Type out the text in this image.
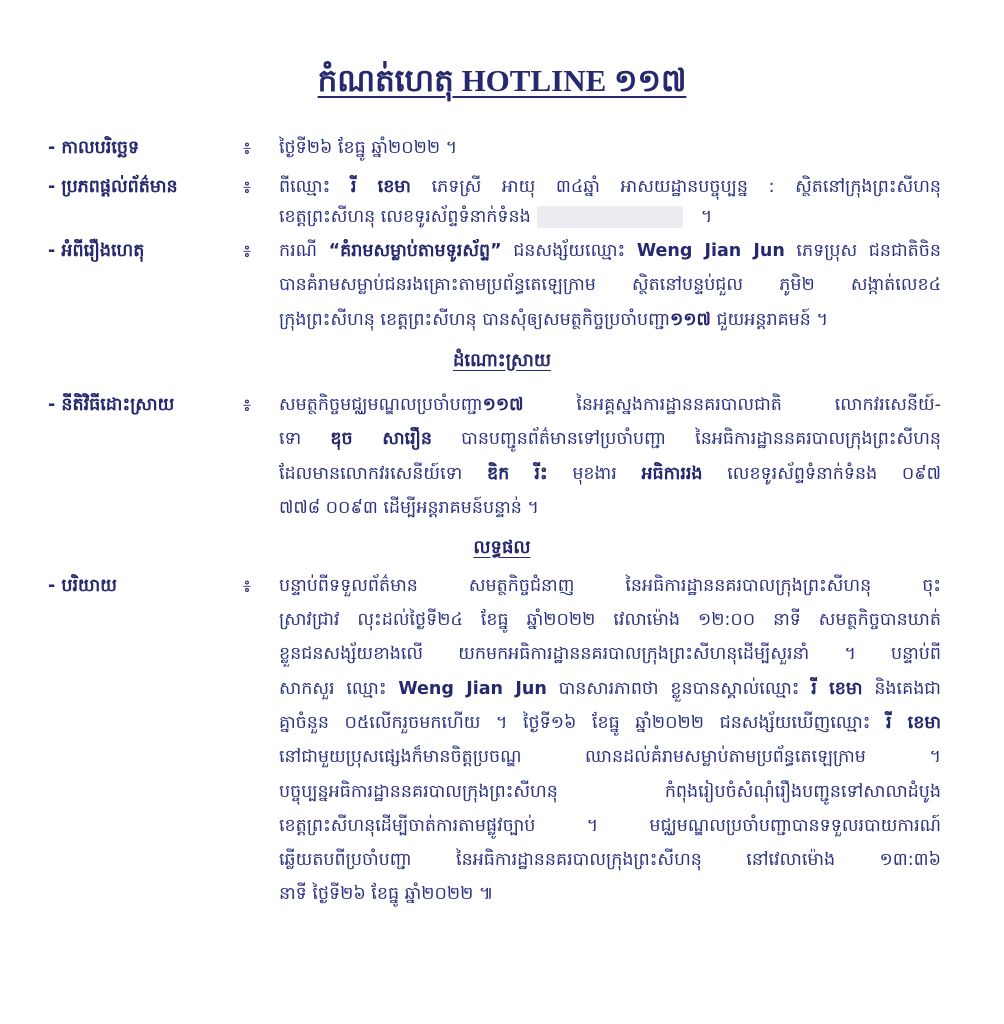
កំណត់ហេតុ HOTLINE ១១៧
- កាលបរិច្ឆេទ	៖ ថ្ងៃទី២៦ ខែធ្នូ ឆ្នាំ២០២២ ។
- ប្រភពផ្តល់ព័ត៌មាន	៖ ពីឈ្មោះ រី ខេមា ភេទស្រី អាយុ ៣៤ឆ្នាំ អាសយដ្ឋានបច្ចុប្បន្ន : ស្ថិតនៅក្រុងព្រះសីហនុ
ខេត្តព្រះសីហនុ លេខទូរស័ព្ទទំនាក់ទំនង	។
- អំពីរឿងហេតុ	៖ ករណី “គំរាមសម្លាប់តាមទូរស័ព្ទ” ជនសង្ស័យឈ្មោះ Weng Jian Jun ភេទប្រុស ជនជាតិចិន
បានគំរាមសម្លាប់ជនរងគ្រោះតាមប្រព័ន្ធតេឡេក្រាម ស្ថិតនៅបន្ទប់ជួល ភូមិ២ សង្កាត់លេខ៤
ក្រុងព្រះសីហនុ ខេត្តព្រះសីហនុ បានសុំឲ្យសមត្ថកិច្ចប្រចាំបញ្ជា១១៧ ជួយអន្តរាគមន៍ ។
ដំណោះស្រាយ
- នីតិវិធីដោះស្រាយ	៖ សមត្ថកិច្ចមជ្ឈមណ្ឌលប្រចាំបញ្ជា១១៧ នៃអគ្គស្នងការដ្ឋាននគរបាលជាតិ លោកវរសេនីយ៍-
ទោ ឌុច សារឿន បានបញ្ជូនព័ត៌មានទៅប្រចាំបញ្ជា នៃអធិការដ្ឋាននគរបាលក្រុងព្រះសីហនុ
ដែលមានលោកវរសេនីយ៍ទោ ឌិក រីះ មុខងារ អធិការរង លេខទូរស័ព្ទទំនាក់ទំនង ០៩៧
៧៧៨ ០០៩៣ ដើម្បីអន្តរាគមន៍បន្ទាន់ ។
លទ្ធផល
- បរិយាយ	៖ បន្ទាប់ពីទទួលព័ត៌មាន សមត្ថកិច្ចជំនាញ នៃអធិការដ្ឋាននគរបាលក្រុងព្រះសីហនុ ចុះ
ស្រាវជ្រាវ លុះដល់ថ្ងៃទី២៤ ខែធ្នូ ឆ្នាំ២០២២ វេលាម៉ោង ១២:០០ នាទី សមត្ថកិច្ចបានឃាត់
ខ្លួនជនសង្ស័យខាងលើ យកមកអធិការដ្ឋាននគរបាលក្រុងព្រះសីហនុដើម្បីសួរនាំ ។ បន្ទាប់ពី
សាកសួរ ឈ្មោះ Weng Jian Jun បានសារភាពថា ខ្លួនបានស្គាល់ឈ្មោះ រី ខេមា និងគេងជា
គ្នាចំនួន ០៥លើករួចមកហើយ ។ ថ្ងៃទី១៦ ខែធ្នូ ឆ្នាំ២០២២ ជនសង្ស័យឃើញឈ្មោះ រី ខេមា
នៅជាមួយប្រុសផ្សេងក៏មានចិត្តប្រចណ្ឌ ឈានដល់គំរាមសម្លាប់តាមប្រព័ន្ធតេឡេក្រាម ។
បច្ចុប្បន្នអធិការដ្ឋាននគរបាលក្រុងព្រះសីហនុ កំពុងរៀបចំសំណុំរឿងបញ្ជូនទៅសាលាដំបូង
ខេត្តព្រះសីហនុដើម្បីចាត់ការតាមផ្លូវច្បាប់ ។ មជ្ឈមណ្ឌលប្រចាំបញ្ជាបានទទួលរបាយការណ៍
ឆ្លើយតបពីប្រចាំបញ្ជា នៃអធិការដ្ឋាននគរបាលក្រុងព្រះសីហនុ នៅវេលាម៉ោង ១៣:៣៦
នាទី ថ្ងៃទី២៦ ខែធ្នូ ឆ្នាំ២០២២ ៕
